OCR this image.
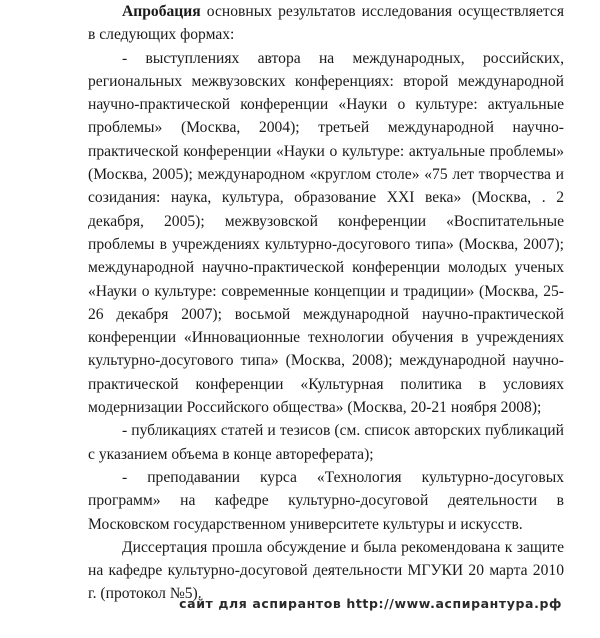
Апробация основных результатов исследования осуществляется в следующих формах:

- выступлениях автора на международных, российских, региональных межвузовских конференциях: второй международной научно-практической конференции «Науки о культуре: актуальные проблемы» (Москва, 2004); третьей международной научно-практической конференции «Науки о культуре: актуальные проблемы» (Москва, 2005); международном «круглом столе» «75 лет творчества и созидания: наука, культура, образование XXI века» (Москва, . 2 декабря, 2005); межвузовской конференции «Воспитательные проблемы в учреждениях культурно-досугового типа» (Москва, 2007); международной научно-практической конференции молодых ученых «Науки о культуре: современные концепции и традиции» (Москва, 25-26 декабря 2007); восьмой международной научно-практической конференции «Инновационные технологии обучения в учреждениях культурно-досугового типа» (Москва, 2008); международной научно-практической конференции «Культурная политика в условиях модернизации Российского общества» (Москва, 20-21 ноября 2008);

- публикациях статей и тезисов (см. список авторских публикаций с указанием объема в конце автореферата);

- преподавании курса «Технология культурно-досуговых программ» на кафедре культурно-досуговой деятельности в Московском государственном университете культуры и искусств.

Диссертация прошла обсуждение и была рекомендована к защите на кафедре культурно-досуговой деятельности МГУКИ 20 марта 2010 г. (протокол №5).

сайт для аспирантов http://www.аспирантура.рф
